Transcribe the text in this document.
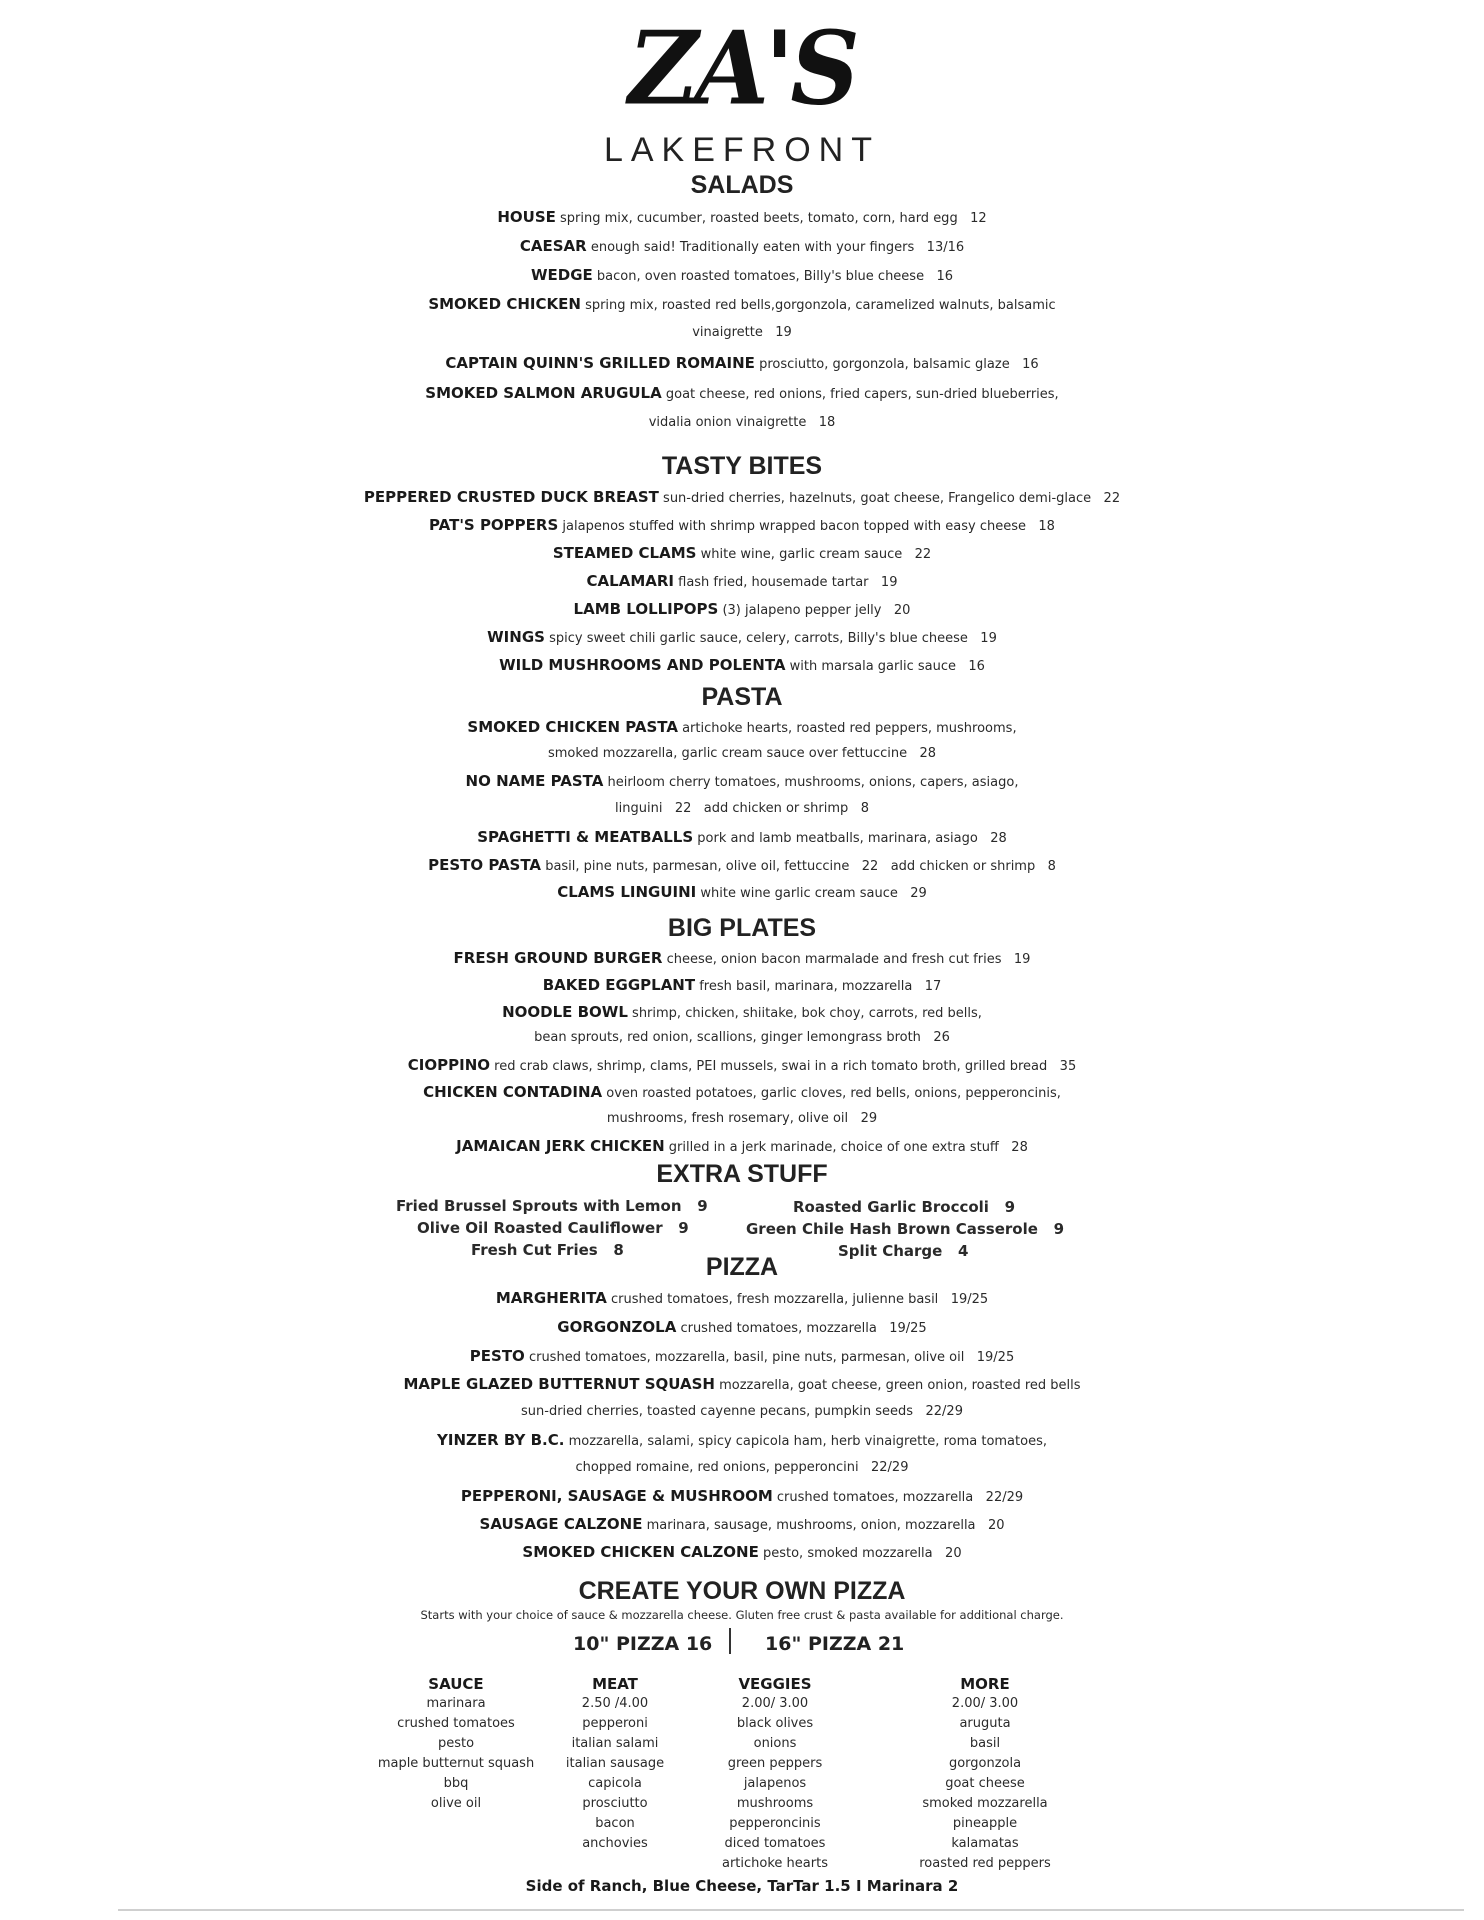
ZA'S
LAKEFRONT
SALADS
HOUSE spring mix, cucumber, roasted beets, tomato, corn, hard egg 12
CAESAR enough said! Traditionally eaten with your fingers 13/16
WEDGE bacon, oven roasted tomatoes, Billy's blue cheese 16
SMOKED CHICKEN spring mix, roasted red bells,gorgonzola, caramelized walnuts, balsamic
vinaigrette 19
CAPTAIN QUINN'S GRILLED ROMAINE prosciutto, gorgonzola, balsamic glaze 16
SMOKED SALMON ARUGULA goat cheese, red onions, fried capers, sun-dried blueberries,
vidalia onion vinaigrette 18
TASTY BITES
PEPPERED CRUSTED DUCK BREAST sun-dried cherries, hazelnuts, goat cheese, Frangelico demi-glace 22
PAT'S POPPERS jalapenos stuffed with shrimp wrapped bacon topped with easy cheese 18
STEAMED CLAMS white wine, garlic cream sauce 22
CALAMARI flash fried, housemade tartar 19
LAMB LOLLIPOPS (3) jalapeno pepper jelly 20
WINGS spicy sweet chili garlic sauce, celery, carrots, Billy's blue cheese 19
WILD MUSHROOMS AND POLENTA with marsala garlic sauce 16
PASTA
SMOKED CHICKEN PASTA artichoke hearts, roasted red peppers, mushrooms,
smoked mozzarella, garlic cream sauce over fettuccine 28
NO NAME PASTA heirloom cherry tomatoes, mushrooms, onions, capers, asiago,
linguini 22 add chicken or shrimp 8
SPAGHETTI & MEATBALLS pork and lamb meatballs, marinara, asiago 28
PESTO PASTA basil, pine nuts, parmesan, olive oil, fettuccine 22 add chicken or shrimp 8
CLAMS LINGUINI white wine garlic cream sauce 29
BIG PLATES
FRESH GROUND BURGER cheese, onion bacon marmalade and fresh cut fries 19
BAKED EGGPLANT fresh basil, marinara, mozzarella 17
NOODLE BOWL shrimp, chicken, shiitake, bok choy, carrots, red bells,
bean sprouts, red onion, scallions, ginger lemongrass broth 26
CIOPPINO red crab claws, shrimp, clams, PEI mussels, swai in a rich tomato broth, grilled bread 35
CHICKEN CONTADINA oven roasted potatoes, garlic cloves, red bells, onions, pepperoncinis,
mushrooms, fresh rosemary, olive oil 29
JAMAICAN JERK CHICKEN grilled in a jerk marinade, choice of one extra stuff 28
EXTRA STUFF
Fried Brussel Sprouts with Lemon 9
Olive Oil Roasted Cauliflower 9
Fresh Cut Fries 8
Roasted Garlic Broccoli 9
Green Chile Hash Brown Casserole 9
Split Charge 4
PIZZA
MARGHERITA crushed tomatoes, fresh mozzarella, julienne basil 19/25
GORGONZOLA crushed tomatoes, mozzarella 19/25
PESTO crushed tomatoes, mozzarella, basil, pine nuts, parmesan, olive oil 19/25
MAPLE GLAZED BUTTERNUT SQUASH mozzarella, goat cheese, green onion, roasted red bells
sun-dried cherries, toasted cayenne pecans, pumpkin seeds 22/29
YINZER BY B.C. mozzarella, salami, spicy capicola ham, herb vinaigrette, roma tomatoes,
chopped romaine, red onions, pepperoncini 22/29
PEPPERONI, SAUSAGE & MUSHROOM crushed tomatoes, mozzarella 22/29
SAUSAGE CALZONE marinara, sausage, mushrooms, onion, mozzarella 20
SMOKED CHICKEN CALZONE pesto, smoked mozzarella 20
CREATE YOUR OWN PIZZA
Starts with your choice of sauce & mozzarella cheese. Gluten free crust & pasta available for additional charge.
10" PIZZA 16	16" PIZZA 21
SAUCE
marinara
crushed tomatoes
pesto
maple butternut squash
bbq
olive oil
MEAT
2.50 /4.00
pepperoni
italian salami
italian sausage
capicola
prosciutto
bacon
anchovies
VEGGIES
2.00/ 3.00
black olives
onions
green peppers
jalapenos
mushrooms
pepperoncinis
diced tomatoes
artichoke hearts
MORE
2.00/ 3.00
aruguta
basil
gorgonzola
goat cheese
smoked mozzarella
pineapple
kalamatas
roasted red peppers
Side of Ranch, Blue Cheese, TarTar 1.5 I Marinara 2
